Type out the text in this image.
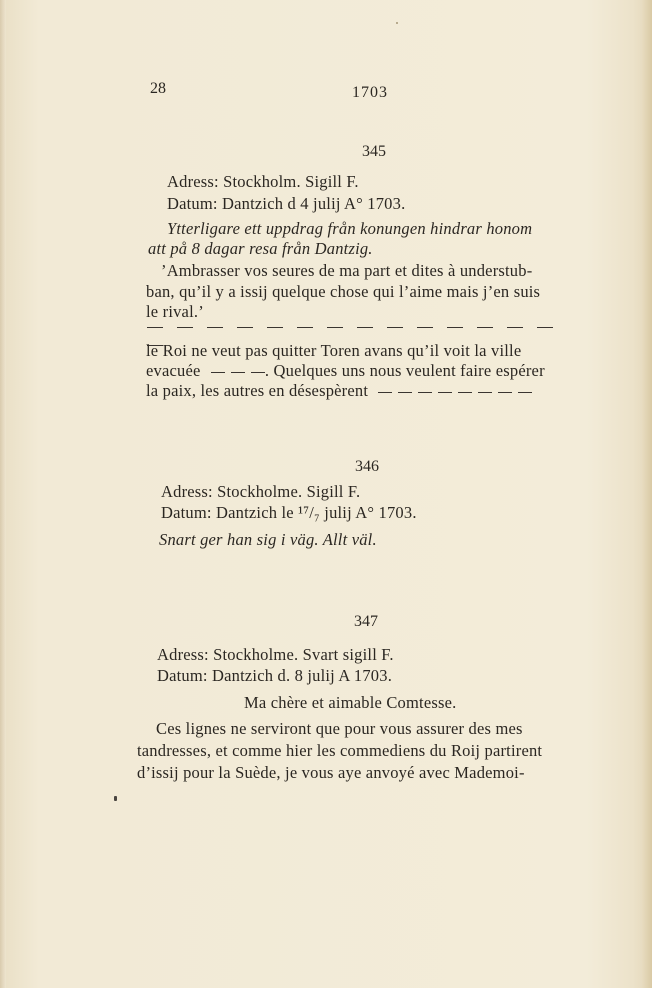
28	1703
345
Adress: Stockholm. Sigill F.
Datum: Dantzich d 4 julij A° 1703.
Ytterligare ett uppdrag från konungen hindrar honom
att på 8 dagar resa från Dantzig.
’Ambrasser vos seures de ma part et dites à understub-
ban, qu’il y a issij quelque chose qui l’aime mais j’en suis
le rival.’
le Roi ne veut pas quitter Toren avans qu’il voit la ville
evacuée	. Quelques uns nous veulent faire espérer
la paix, les autres en désespèrent
346
Adress: Stockholme. Sigill F.
Datum: Dantzich le ¹⁷/₇ julij A° 1703.
Snart ger han sig i väg. Allt väl.
347
Adress: Stockholme. Svart sigill F.
Datum: Dantzich d. 8 julij A 1703.
Ma chère et aimable Comtesse.
Ces lignes ne serviront que pour vous assurer des mes
tandresses, et comme hier les commediens du Roij partirent
d’issij pour la Suède, je vous aye anvoyé avec Mademoi-
